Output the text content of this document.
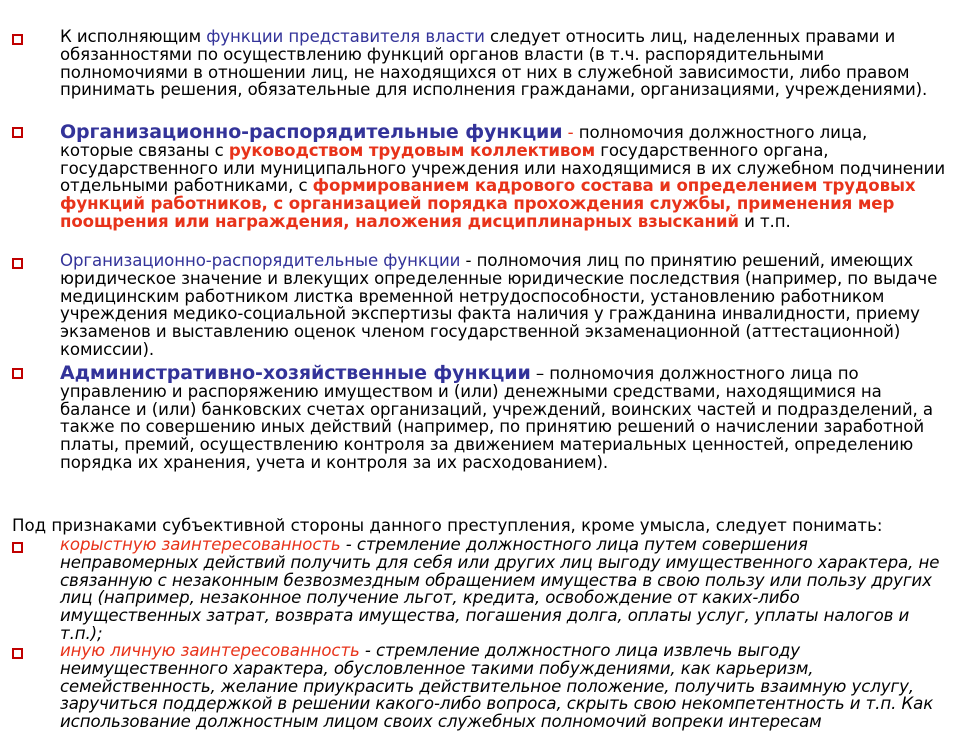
К исполняющим функции представителя власти следует относить лиц, наделенных правами и обязанностями по осуществлению функций органов власти (в т.ч. распорядительными полномочиями в отношении лиц, не находящихся от них в служебной зависимости, либо правом принимать решения, обязательные для исполнения гражданами, организациями, учреждениями).
Организационно-распорядительные функции - полномочия должностного лица, которые связаны с руководством трудовым коллективом государственного органа, государственного или муниципального учреждения или находящимися в их служебном подчинении отдельными работниками, с формированием кадрового состава и определением трудовых функций работников, с организацией порядка прохождения службы, применения мер поощрения или награждения, наложения дисциплинарных взысканий и т.п.
Организационно-распорядительные функции - полномочия лиц по принятию решений, имеющих юридическое значение и влекущих определенные юридические последствия (например, по выдаче медицинским работником листка временной нетрудоспособности, установлению работником учреждения медико-социальной экспертизы факта наличия у гражданина инвалидности, приему экзаменов и выставлению оценок членом государственной экзаменационной (аттестационной) комиссии).
Административно-хозяйственные функции – полномочия должностного лица по управлению и распоряжению имуществом и (или) денежными средствами, находящимися на балансе и (или) банковских счетах организаций, учреждений, воинских частей и подразделений, а также по совершению иных действий (например, по принятию решений о начислении заработной платы, премий, осуществлению контроля за движением материальных ценностей, определению порядка их хранения, учета и контроля за их расходованием).
Под признаками субъективной стороны данного преступления, кроме умысла, следует понимать:
корыстную заинтересованность - стремление должностного лица путем совершения неправомерных действий получить для себя или других лиц выгоду имущественного характера, не связанную с незаконным безвозмездным обращением имущества в свою пользу или пользу других лиц (например, незаконное получение льгот, кредита, освобождение от каких-либо имущественных затрат, возврата имущества, погашения долга, оплаты услуг, уплаты налогов и т.п.);
иную личную заинтересованность - стремление должностного лица извлечь выгоду неимущественного характера, обусловленное такими побуждениями, как карьеризм, семейственность, желание приукрасить действительное положение, получить взаимную услугу, заручиться поддержкой в решении какого-либо вопроса, скрыть свою некомпетентность и т.п. Как использование должностным лицом своих служебных полномочий вопреки интересам
